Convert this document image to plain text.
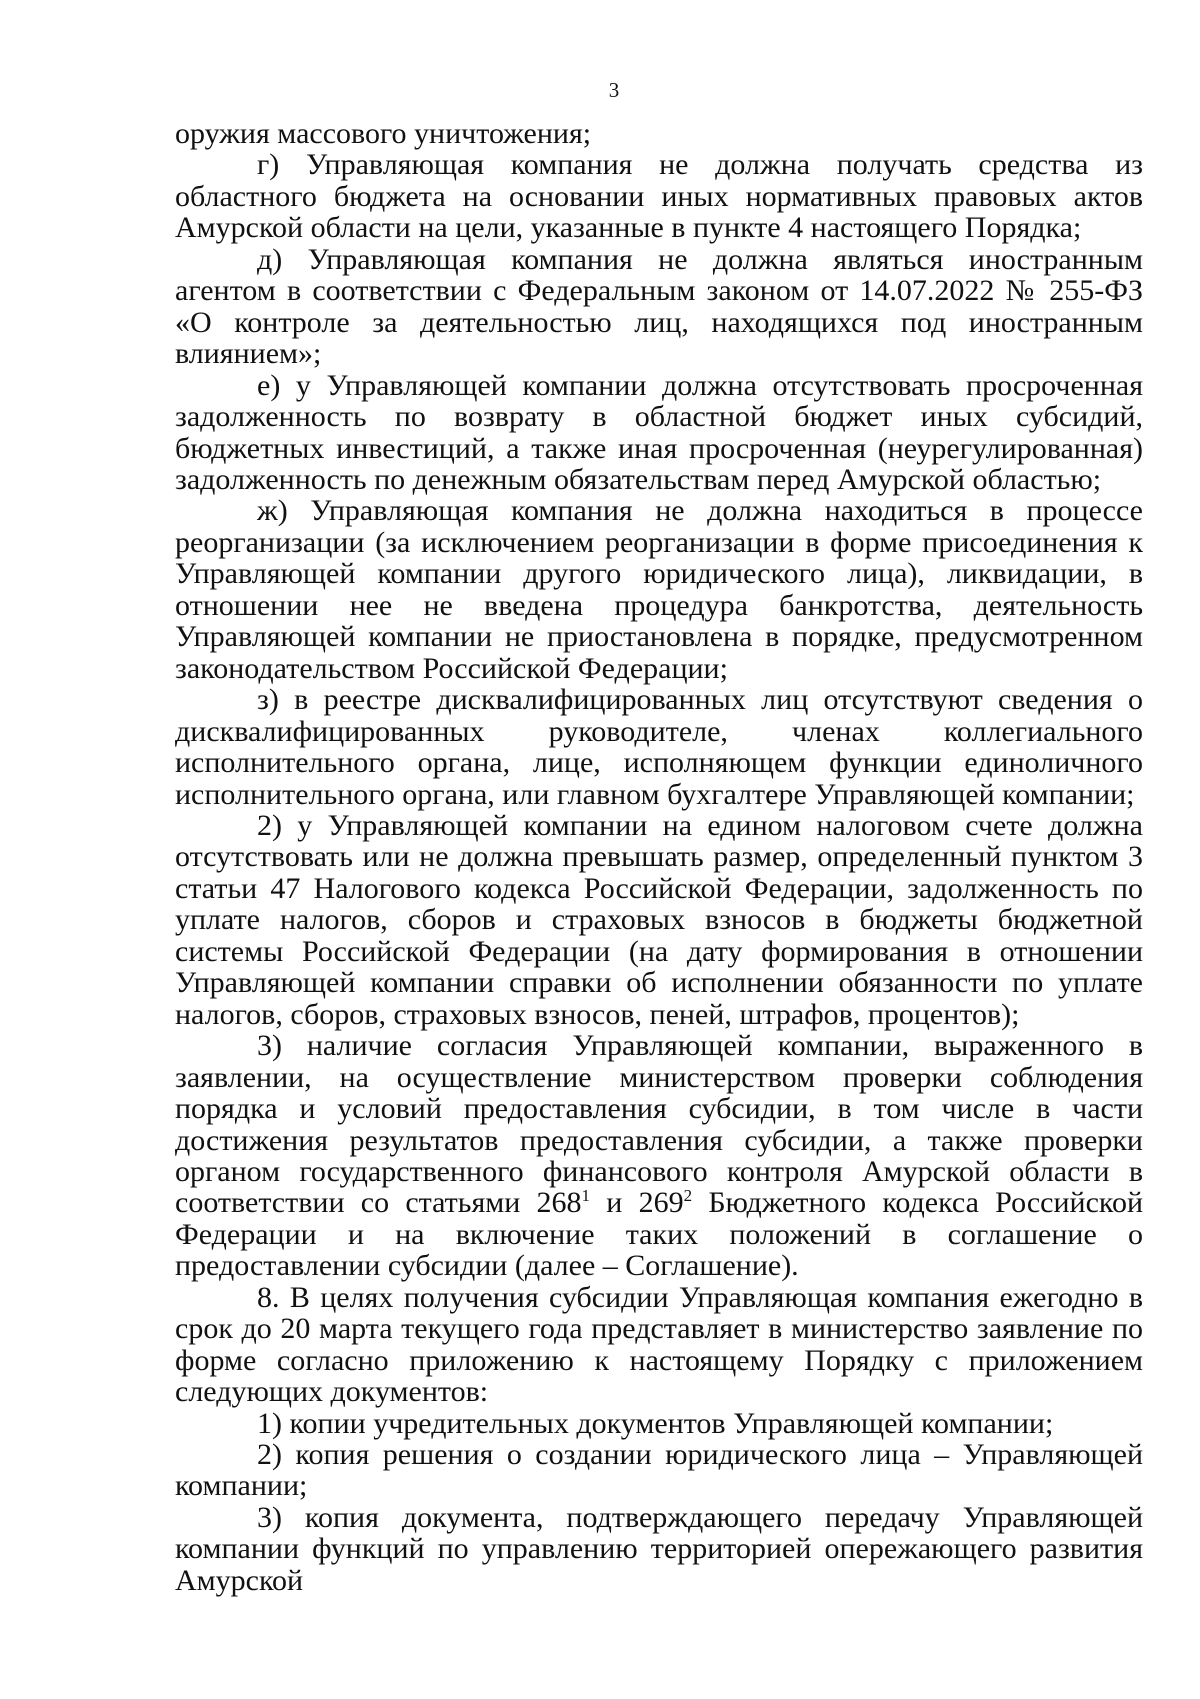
3

оружия массового уничтожения;

г) Управляющая компания не должна получать средства из областного бюджета на основании иных нормативных правовых актов Амурской области на цели, указанные в пункте 4 настоящего Порядка;

д) Управляющая компания не должна являться иностранным агентом в соответствии с Федеральным законом от 14.07.2022 № 255-ФЗ «О контроле за деятельностью лиц, находящихся под иностранным влиянием»;

е) у Управляющей компании должна отсутствовать просроченная задолженность по возврату в областной бюджет иных субсидий, бюджетных инвестиций, а также иная просроченная (неурегулированная) задолженность по денежным обязательствам перед Амурской областью;

ж) Управляющая компания не должна находиться в процессе реорганизации (за исключением реорганизации в форме присоединения к Управляющей компании другого юридического лица), ликвидации, в отношении нее не введена процедура банкротства, деятельность Управляющей компании не приостановлена в порядке, предусмотренном законодательством Российской Федерации;

з) в реестре дисквалифицированных лиц отсутствуют сведения о дисквалифицированных руководителе, членах коллегиального исполнительного органа, лице, исполняющем функции единоличного исполнительного органа, или главном бухгалтере Управляющей компании;

2) у Управляющей компании на едином налоговом счете должна отсутствовать или не должна превышать размер, определенный пунктом 3 статьи 47 Налогового кодекса Российской Федерации, задолженность по уплате налогов, сборов и страховых взносов в бюджеты бюджетной системы Российской Федерации (на дату формирования в отношении Управляющей компании справки об исполнении обязанности по уплате налогов, сборов, страховых взносов, пеней, штрафов, процентов);

3) наличие согласия Управляющей компании, выраженного в заявлении, на осуществление министерством проверки соблюдения порядка и условий предоставления субсидии, в том числе в части достижения результатов предоставления субсидии, а также проверки органом государственного финансового контроля Амурской области в соответствии со статьями $268^1$ и $269^2$ Бюджетного кодекса Российской Федерации и на включение таких положений в соглашение о предоставлении субсидии (далее – Соглашение).

8. В целях получения субсидии Управляющая компания ежегодно в срок до 20 марта текущего года представляет в министерство заявление по форме согласно приложению к настоящему Порядку с приложением следующих документов:

1) копии учредительных документов Управляющей компании;

2) копия решения о создании юридического лица – Управляющей компании;

3) копия документа, подтверждающего передачу Управляющей компании функций по управлению территорией опережающего развития Амурской
